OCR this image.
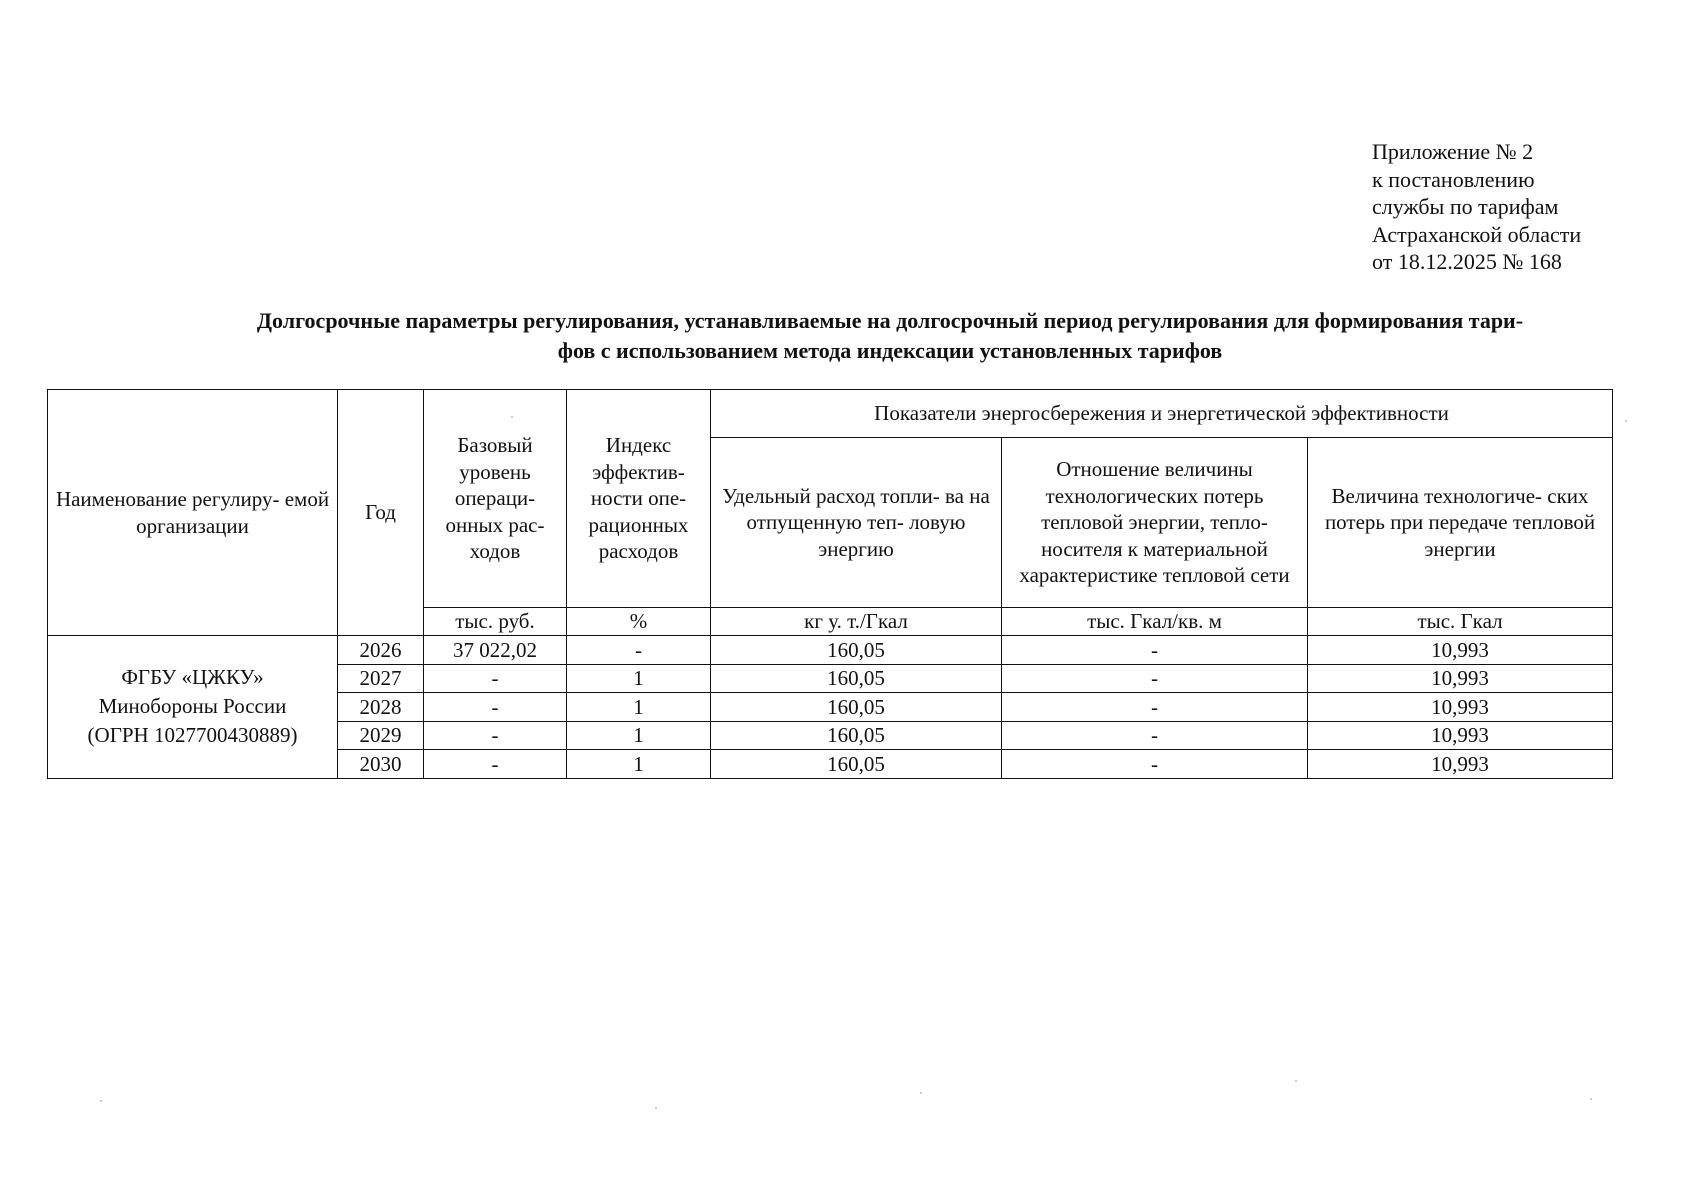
Приложение № 2
к постановлению
службы по тарифам
Астраханской области
от 18.12.2025 № 168
Долгосрочные параметры регулирования, устанавливаемые на долгосрочный период регулирования для формирования тари-
фов с использованием метода индексации установленных тарифов
Наименование регулиру- емой организации	Год	Базовый уровень операци- онных рас- ходов	Индекс эффектив- ности опе- рационных расходов	Показатели энергосбережения и энергетической эффективности		
				Удельный расход топли- ва на отпущенную теп- ловую энергию	Отношение величины технологических потерь тепловой энергии, тепло- носителя к материальной характеристике тепловой сети	Величина технологиче- ских потерь при передаче тепловой энергии
		тыс. руб.	%	кг у. т./Гкал	тыс. Гкал/кв. м	тыс. Гкал

ФГБУ «ЦЖКУ»
Минобороны России
(ОГРН 1027700430889)	2026	37 022,02	-	160,05	-	10,993
	2027	-	1	160,05	-	10,993
	2028	-	1	160,05	-	10,993
	2029	-	1	160,05	-	10,993
	2030	-	1	160,05	-	10,993
